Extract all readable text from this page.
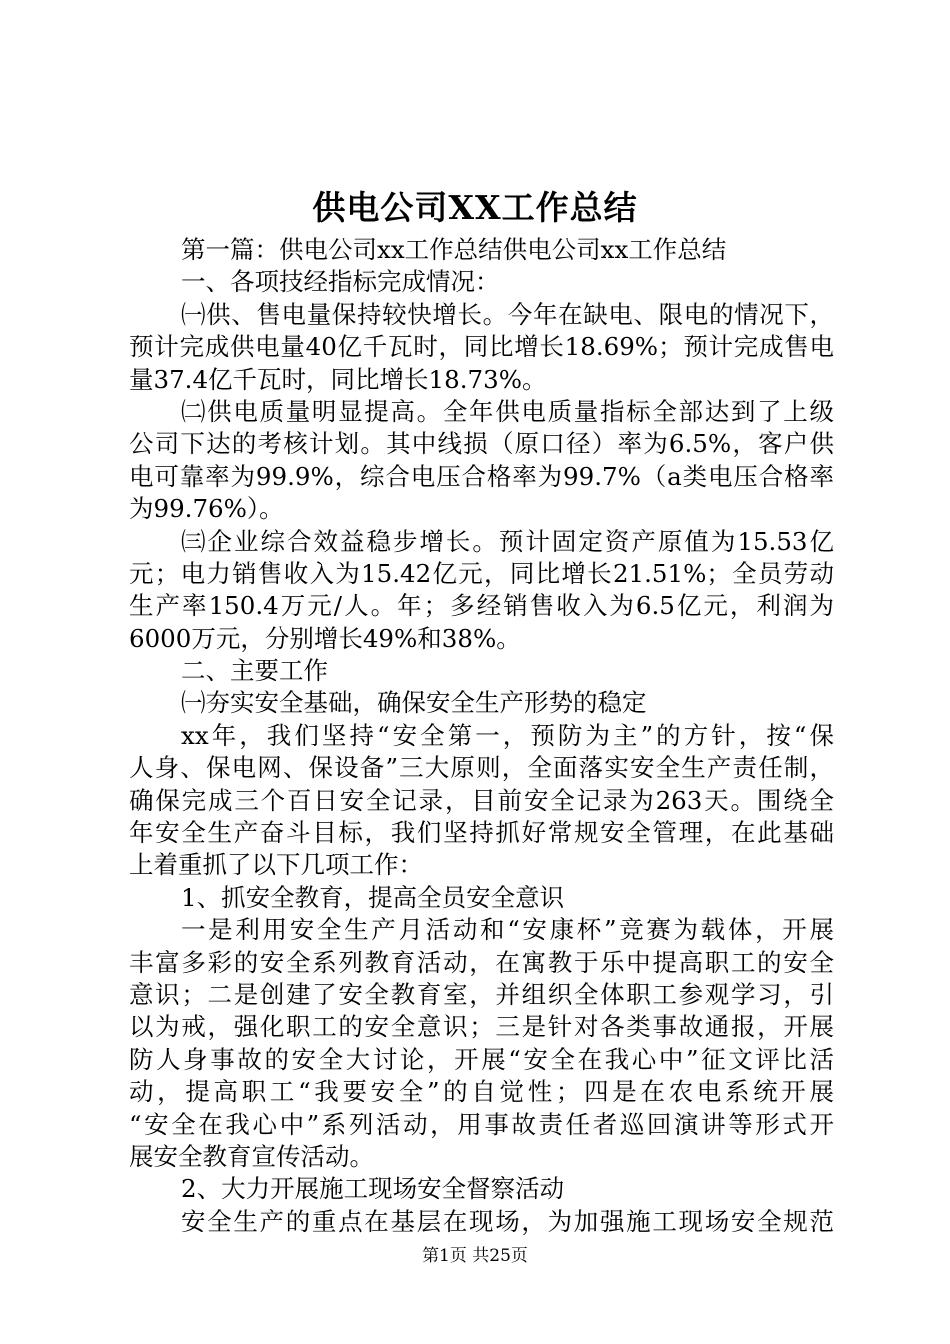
供电公司XX工作总结
第一篇：供电公司xx工作总结供电公司xx工作总结
一、各项技经指标完成情况：
㈠供、售电量保持较快增长。今年在缺电、限电的情况下，
预计完成供电量40亿千瓦时，同比增长18.69%；预计完成售电
量37.4亿千瓦时，同比增长18.73%。
㈡供电质量明显提高。全年供电质量指标全部达到了上级
公司下达的考核计划。其中线损（原口径）率为6.5%，客户供
电可靠率为99.9%，综合电压合格率为99.7%（a类电压合格率
为99.76%）。
㈢企业综合效益稳步增长。预计固定资产原值为15.53亿
元；电力销售收入为15.42亿元，同比增长21.51%；全员劳动
生产率150.4万元/人。年；多经销售收入为6.5亿元，利润为
6000万元，分别增长49%和38%。
二、主要工作
㈠夯实安全基础，确保安全生产形势的稳定
xx年，我们坚持“安全第一，预防为主”的方针，按“保
人身、保电网、保设备”三大原则，全面落实安全生产责任制，
确保完成三个百日安全记录，目前安全记录为263天。围绕全
年安全生产奋斗目标，我们坚持抓好常规安全管理，在此基础
上着重抓了以下几项工作：
1、抓安全教育，提高全员安全意识
一是利用安全生产月活动和“安康杯”竞赛为载体，开展
丰富多彩的安全系列教育活动，在寓教于乐中提高职工的安全
意识；二是创建了安全教育室，并组织全体职工参观学习，引
以为戒，强化职工的安全意识；三是针对各类事故通报，开展
防人身事故的安全大讨论，开展“安全在我心中”征文评比活
动，提高职工“我要安全”的自觉性；四是在农电系统开展
“安全在我心中”系列活动，用事故责任者巡回演讲等形式开
展安全教育宣传活动。
2、大力开展施工现场安全督察活动
安全生产的重点在基层在现场，为加强施工现场安全规范
第1页 共25页
